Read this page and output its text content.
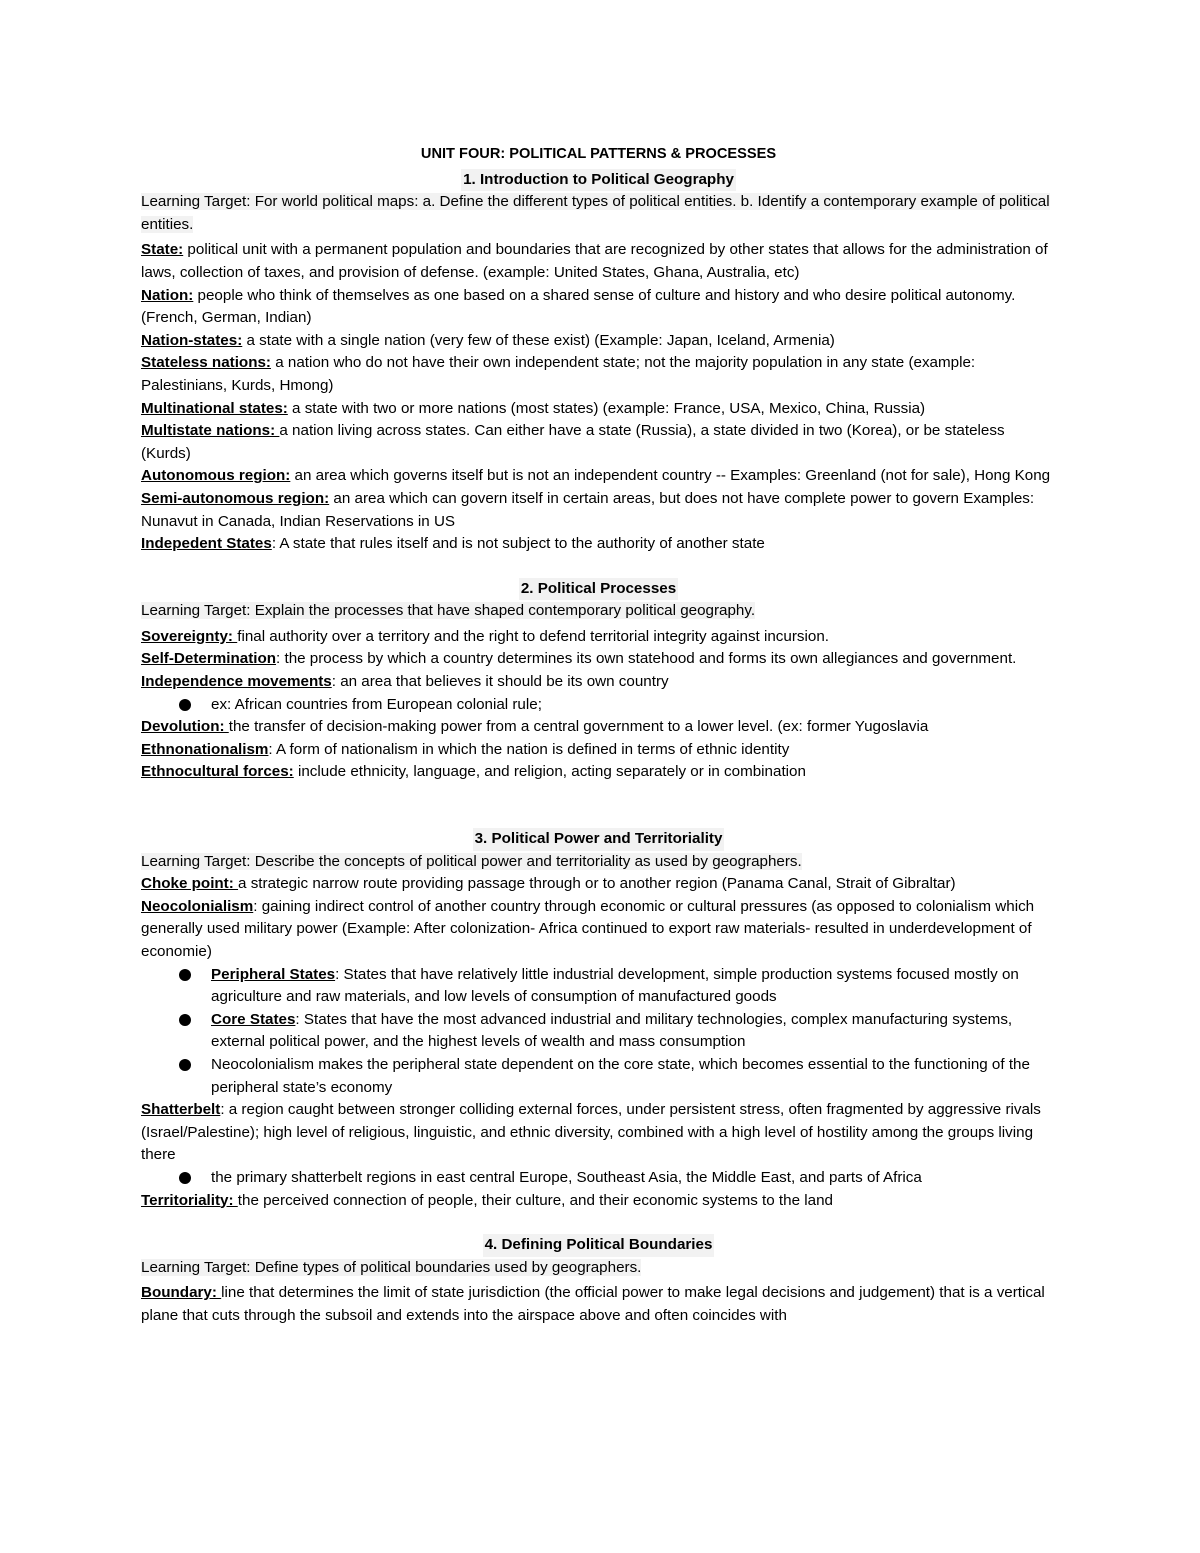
UNIT FOUR: POLITICAL PATTERNS & PROCESSES
1. Introduction to Political Geography

Learning Target: For world political maps: a. Define the different types of political entities. b. Identify a contemporary example of political entities.

State: political unit with a permanent population and boundaries that are recognized by other states that allows for the administration of laws, collection of taxes, and provision of defense. (example: United States, Ghana, Australia, etc)

Nation: people who think of themselves as one based on a shared sense of culture and history and who desire political autonomy. (French, German, Indian)

Nation-states: a state with a single nation (very few of these exist) (Example: Japan, Iceland, Armenia)

Stateless nations: a nation who do not have their own independent state; not the majority population in any state (example: Palestinians, Kurds, Hmong)

Multinational states: a state with two or more nations (most states) (example: France, USA, Mexico, China, Russia)

Multistate nations: a nation living across states. Can either have a state (Russia), a state divided in two (Korea), or be stateless (Kurds)

Autonomous region: an area which governs itself but is not an independent country -- Examples: Greenland (not for sale), Hong Kong

Semi-autonomous region: an area which can govern itself in certain areas, but does not have complete power to govern Examples: Nunavut in Canada, Indian Reservations in US

Indepedent States: A state that rules itself and is not subject to the authority of another state

2. Political Processes

Learning Target: Explain the processes that have shaped contemporary political geography.

Sovereignty: final authority over a territory and the right to defend territorial integrity against incursion.

Self-Determination: the process by which a country determines its own statehood and forms its own allegiances and government.

Independence movements: an area that believes it should be its own country

ex: African countries from European colonial rule;

Devolution: the transfer of decision-making power from a central government to a lower level. (ex: former Yugoslavia

Ethnonationalism: A form of nationalism in which the nation is defined in terms of ethnic identity

Ethnocultural forces: include ethnicity, language, and religion, acting separately or in combination

3. Political Power and Territoriality

Learning Target: Describe the concepts of political power and territoriality as used by geographers.

Choke point: a strategic narrow route providing passage through or to another region (Panama Canal, Strait of Gibraltar)

Neocolonialism: gaining indirect control of another country through economic or cultural pressures (as opposed to colonialism which generally used military power (Example: After colonization- Africa continued to export raw materials- resulted in underdevelopment of economie)

Peripheral States: States that have relatively little industrial development, simple production systems focused mostly on agriculture and raw materials, and low levels of consumption of manufactured goods
Core States: States that have the most advanced industrial and military technologies, complex manufacturing systems, external political power, and the highest levels of wealth and mass consumption
Neocolonialism makes the peripheral state dependent on the core state, which becomes essential to the functioning of the peripheral state’s economy

Shatterbelt: a region caught between stronger colliding external forces, under persistent stress, often fragmented by aggressive rivals (Israel/Palestine); high level of religious, linguistic, and ethnic diversity, combined with a high level of hostility among the groups living there

the primary shatterbelt regions in east central Europe, Southeast Asia, the Middle East, and parts of Africa

Territoriality: the perceived connection of people, their culture, and their economic systems to the land

4. Defining Political Boundaries

Learning Target: Define types of political boundaries used by geographers.

Boundary: line that determines the limit of state jurisdiction (the official power to make legal decisions and judgement) that is a vertical plane that cuts through the subsoil and extends into the airspace above and often coincides with
